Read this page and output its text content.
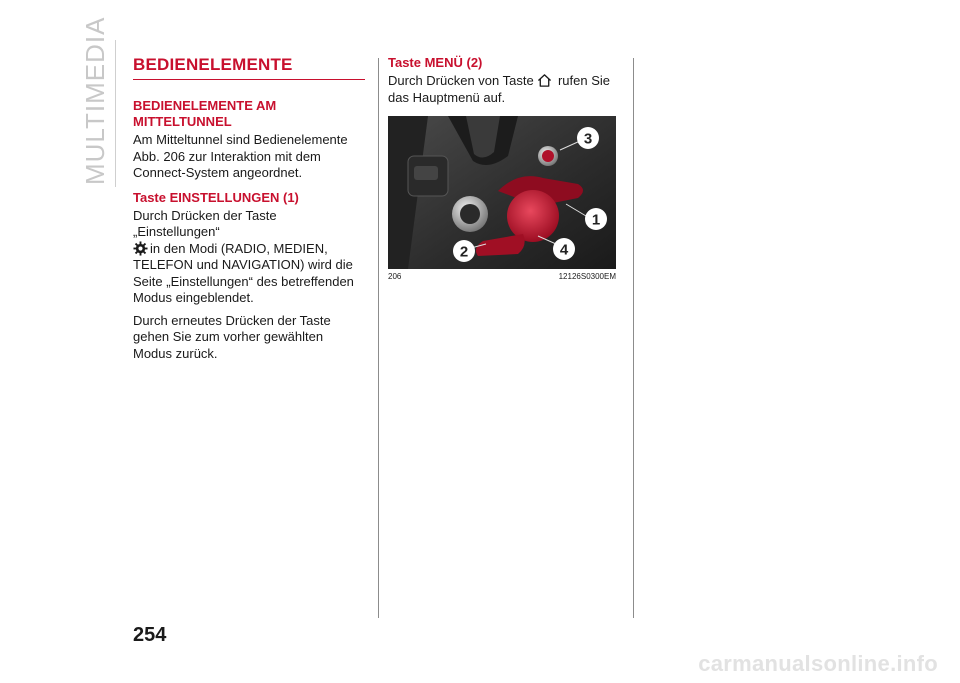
MULTIMEDIA BEDIENELEMENTE
BEDIENELEMENTE AM MITTELTUNNEL

Am Mitteltunnel sind Bedienelemente Abb. 206 zur Interaktion mit dem Connect-System angeordnet.

Taste EINSTELLUNGEN (1)

Durch Drücken der Taste „Einstellungen“
in den Modi (RADIO, MEDIEN, TELEFON und NAVIGATION) wird die Seite „Einstellungen“ des betreffenden Modus eingeblendet.

Durch erneutes Drücken der Taste gehen Sie zum vorher gewählten Modus zurück.

Taste MENÜ (2)

Durch Drücken von Taste rufen Sie das Hauptmenü auf.

3
1
2	4
206	12126S0300EM
254
carmanualsonline.info
